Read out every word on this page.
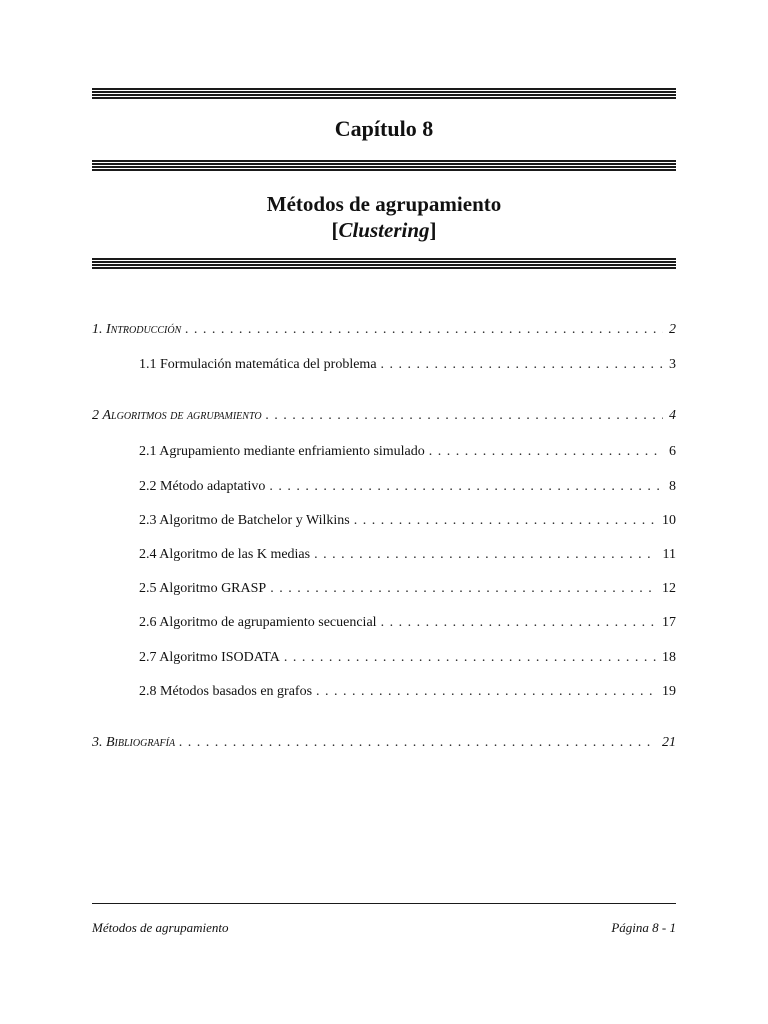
Capítulo 8
Métodos de agrupamiento
[Clustering]
1. Introducción . . .	2
1.1 Formulación matemática del problema . . .	3
2 Algoritmos de agrupamiento . . .	4
2.1 Agrupamiento mediante enfriamiento simulado . . .	6
2.2 Método adaptativo . . .	8
2.3 Algoritmo de Batchelor y Wilkins . . .	10
2.4 Algoritmo de las K medias . . .	11
2.5 Algoritmo GRASP . . .	12
2.6 Algoritmo de agrupamiento secuencial . . .	17
2.7 Algoritmo ISODATA . . .	18
2.8 Métodos basados en grafos . . .	19
3. Bibliografía . . .	21
Métodos de agrupamiento	Página 8 - 1
